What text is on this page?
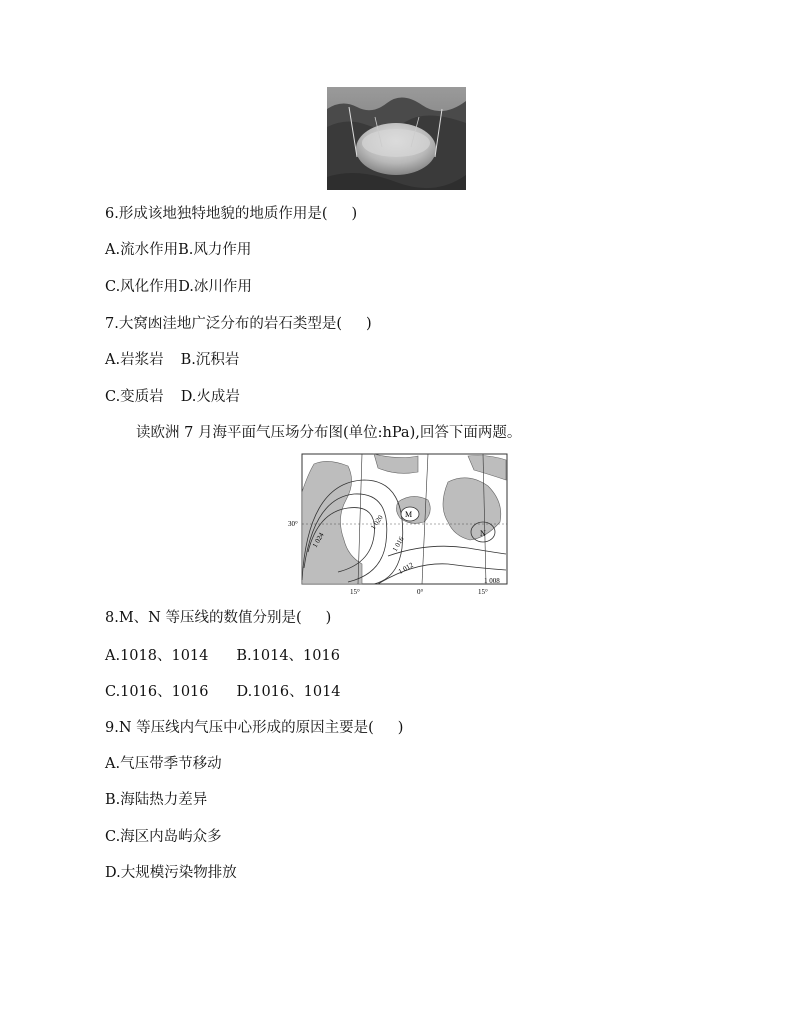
6.形成该地独特地貌的地质作用是( )
A.流水作用B.风力作用
C.风化作用D.冰川作用
7.大窝凼洼地广泛分布的岩石类型是( )
A.岩浆岩 B.沉积岩
C.变质岩 D.火成岩
读欧洲 7 月海平面气压场分布图(单位:hPa),回答下面两题。
30°
1 024
1 020
1 016
1 012
1 008
M
N
15°	0°	15°
8.M、N 等压线的数值分别是( )
A.1018、1014 B.1014、1016
C.1016、1016 D.1016、1014
9.N 等压线内气压中心形成的原因主要是( )
A.气压带季节移动
B.海陆热力差异
C.海区内岛屿众多
D.大规模污染物排放
